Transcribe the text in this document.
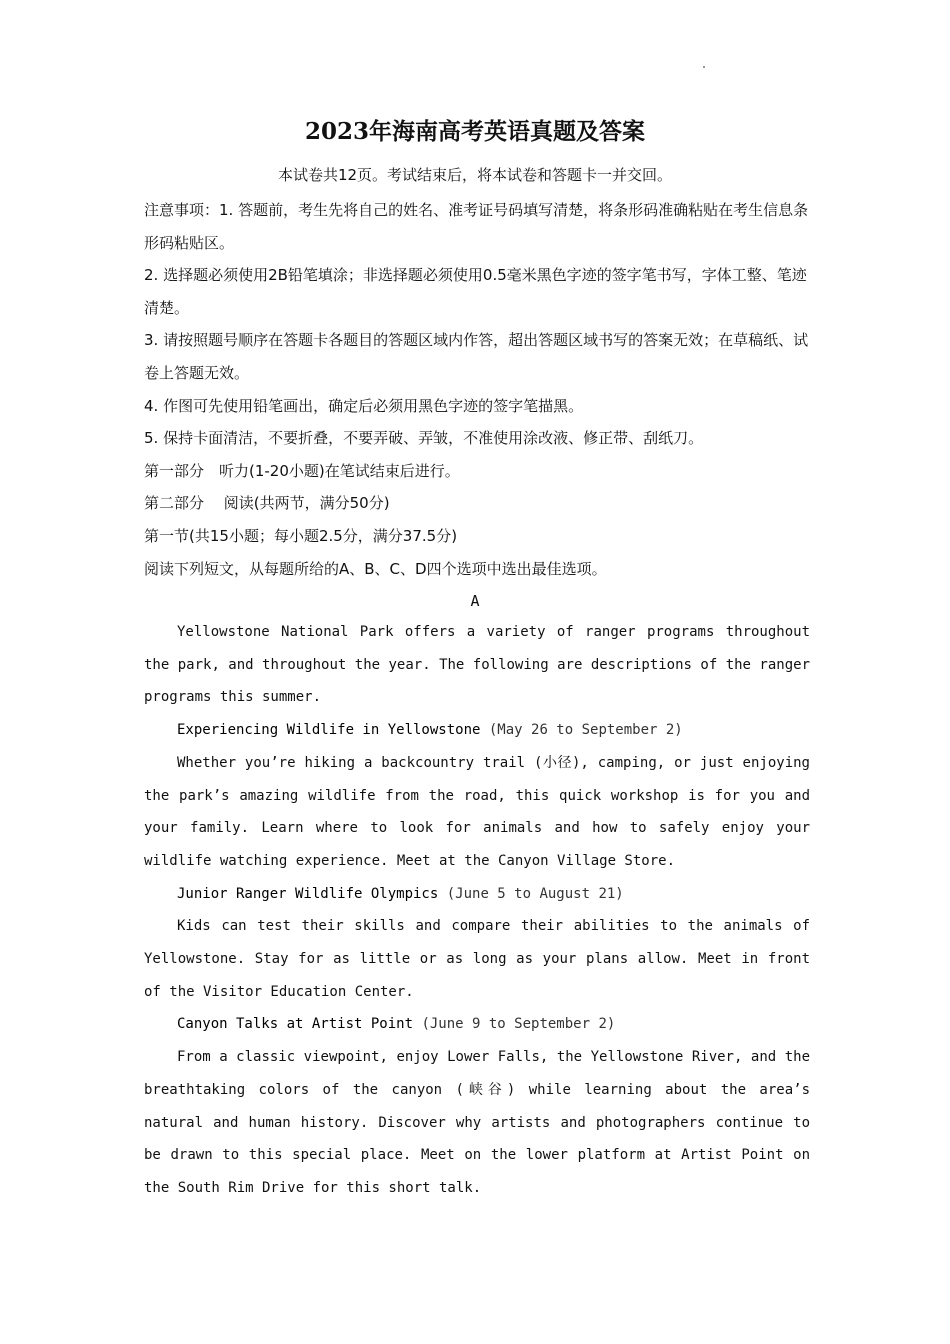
2023年海南高考英语真题及答案
本试卷共12页。考试结束后，将本试卷和答题卡一并交回。

注意事项：1. 答题前，考生先将自己的姓名、准考证号码填写清楚，将条形码准确粘贴在考生信息条形码粘贴区。

2. 选择题必须使用2B铅笔填涂；非选择题必须使用0.5毫米黑色字迹的签字笔书写，字体工整、笔迹清楚。

3. 请按照题号顺序在答题卡各题目的答题区域内作答，超出答题区域书写的答案无效；在草稿纸、试卷上答题无效。

4. 作图可先使用铅笔画出，确定后必须用黑色字迹的签字笔描黑。

5. 保持卡面清洁，不要折叠，不要弄破、弄皱，不准使用涂改液、修正带、刮纸刀。

第一部分　听力(1-20小题)在笔试结束后进行。

第二部分　 阅读(共两节，满分50分)

第一节(共15小题；每小题2.5分，满分37.5分)

阅读下列短文，从每题所给的A、B、C、D四个选项中选出最佳选项。

A

Yellowstone National Park offers a variety of ranger programs throughout the park, and throughout the year. The following are descriptions of the ranger programs this summer.

Experiencing Wildlife in Yellowstone (May 26 to September 2)

Whether you’re hiking a backcountry trail (小径), camping, or just enjoying the park’s amazing wildlife from the road, this quick workshop is for you and your family. Learn where to look for animals and how to safely enjoy your wildlife watching experience. Meet at the Canyon Village Store.

Junior Ranger Wildlife Olympics (June 5 to August 21)

Kids can test their skills and compare their abilities to the animals of Yellowstone. Stay for as little or as long as your plans allow. Meet in front of the Visitor Education Center.

Canyon Talks at Artist Point (June 9 to September 2)

From a classic viewpoint, enjoy Lower Falls, the Yellowstone River, and the breathtaking colors of the canyon (峡谷) while learning about the area’s natural and human history. Discover why artists and photographers continue to be drawn to this special place. Meet on the lower platform at Artist Point on the South Rim Drive for this short talk.
